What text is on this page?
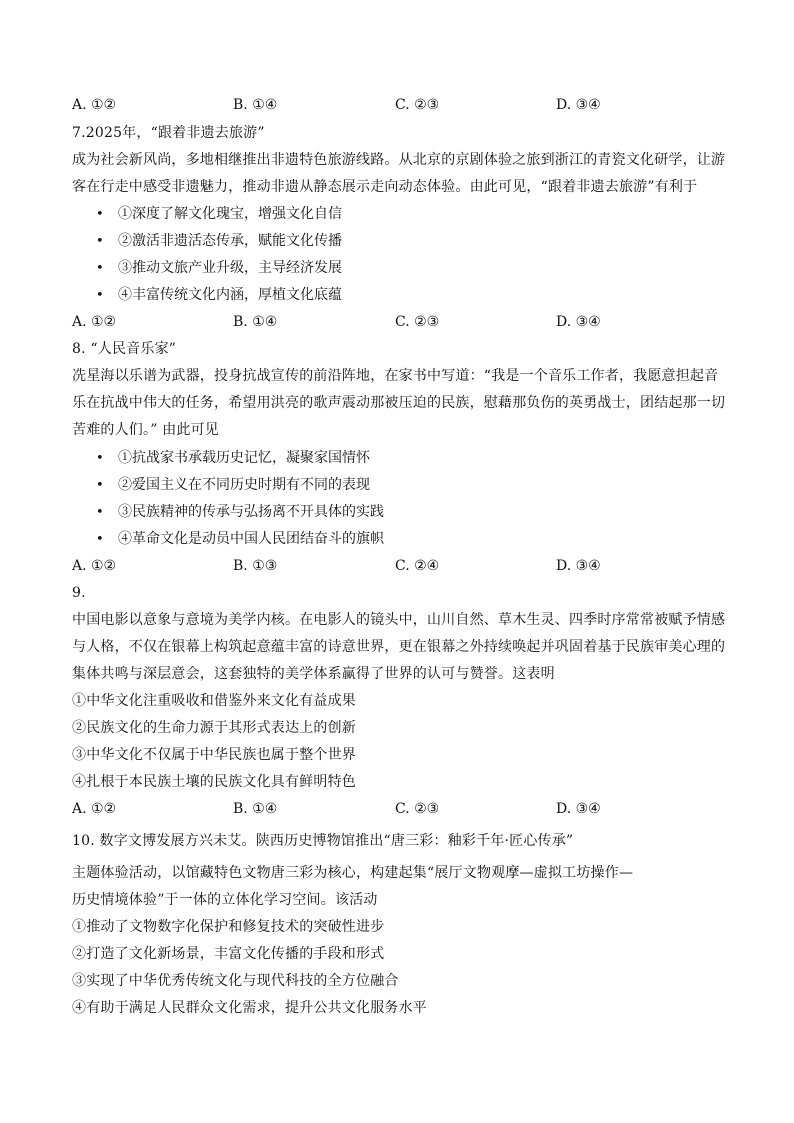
A. ①②	B. ①④	C. ②③	D. ③④
7.2025年，“跟着非遗去旅游”
成为社会新风尚，多地相继推出非遗特色旅游线路。从北京的京剧体验之旅到浙江的青瓷文化研学，让游
客在行走中感受非遗魅力，推动非遗从静态展示走向动态体验。由此可见，“跟着非遗去旅游”有利于
• ①深度了解文化瑰宝，增强文化自信
• ②激活非遗活态传承，赋能文化传播
• ③推动文旅产业升级，主导经济发展
• ④丰富传统文化内涵，厚植文化底蕴
A. ①②	B. ①④	C. ②③	D. ③④
8. “人民音乐家”
冼星海以乐谱为武器，投身抗战宣传的前沿阵地，在家书中写道：“我是一个音乐工作者，我愿意担起音
乐在抗战中伟大的任务，希望用洪亮的歌声震动那被压迫的民族，慰藉那负伤的英勇战士，团结起那一切
苦难的人们。” 由此可见
• ①抗战家书承载历史记忆，凝聚家国情怀
• ②爱国主义在不同历史时期有不同的表现
• ③民族精神的传承与弘扬离不开具体的实践
• ④革命文化是动员中国人民团结奋斗的旗帜
A. ①②	B. ①③	C. ②④	D. ③④
9.
中国电影以意象与意境为美学内核。在电影人的镜头中，山川自然、草木生灵、四季时序常常被赋予情感
与人格，不仅在银幕上构筑起意蕴丰富的诗意世界，更在银幕之外持续唤起并巩固着基于民族审美心理的
集体共鸣与深层意会，这套独特的美学体系赢得了世界的认可与赞誉。这表明
①中华文化注重吸收和借鉴外来文化有益成果
②民族文化的生命力源于其形式表达上的创新
③中华文化不仅属于中华民族也属于整个世界
④扎根于本民族土壤的民族文化具有鲜明特色
A. ①②	B. ①④	C. ②③	D. ③④
10. 数字文博发展方兴未艾。陕西历史博物馆推出“唐三彩：釉彩千年·匠心传承”
主题体验活动，以馆藏特色文物唐三彩为核心，构建起集“展厅文物观摩—虚拟工坊操作—
历史情境体验”于一体的立体化学习空间。该活动
①推动了文物数字化保护和修复技术的突破性进步
②打造了文化新场景，丰富文化传播的手段和形式
③实现了中华优秀传统文化与现代科技的全方位融合
④有助于满足人民群众文化需求，提升公共文化服务水平
